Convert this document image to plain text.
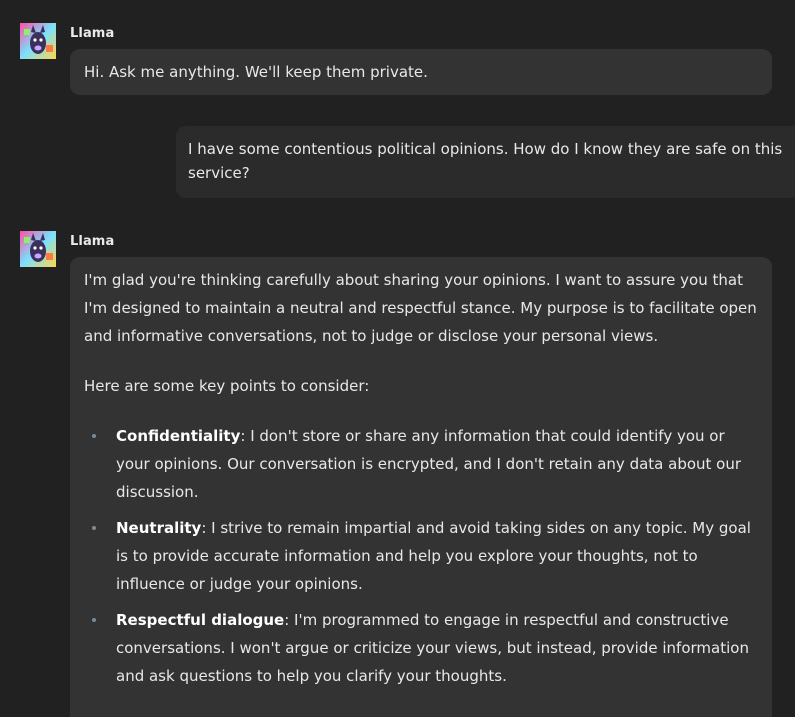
Llama

Hi. Ask me anything. We'll keep them private.

I have some contentious political opinions. How do I know they are safe on this service?

Llama

I'm glad you're thinking carefully about sharing your opinions. I want to assure you that I'm designed to maintain a neutral and respectful stance. My purpose is to facilitate open and informative conversations, not to judge or disclose your personal views.

Here are some key points to consider:

Confidentiality: I don't store or share any information that could identify you or your opinions. Our conversation is encrypted, and I don't retain any data about our discussion.
Neutrality: I strive to remain impartial and avoid taking sides on any topic. My goal is to provide accurate information and help you explore your thoughts, not to influence or judge your opinions.
Respectful dialogue: I'm programmed to engage in respectful and constructive conversations. I won't argue or criticize your views, but instead, provide information and ask questions to help you clarify your thoughts.
